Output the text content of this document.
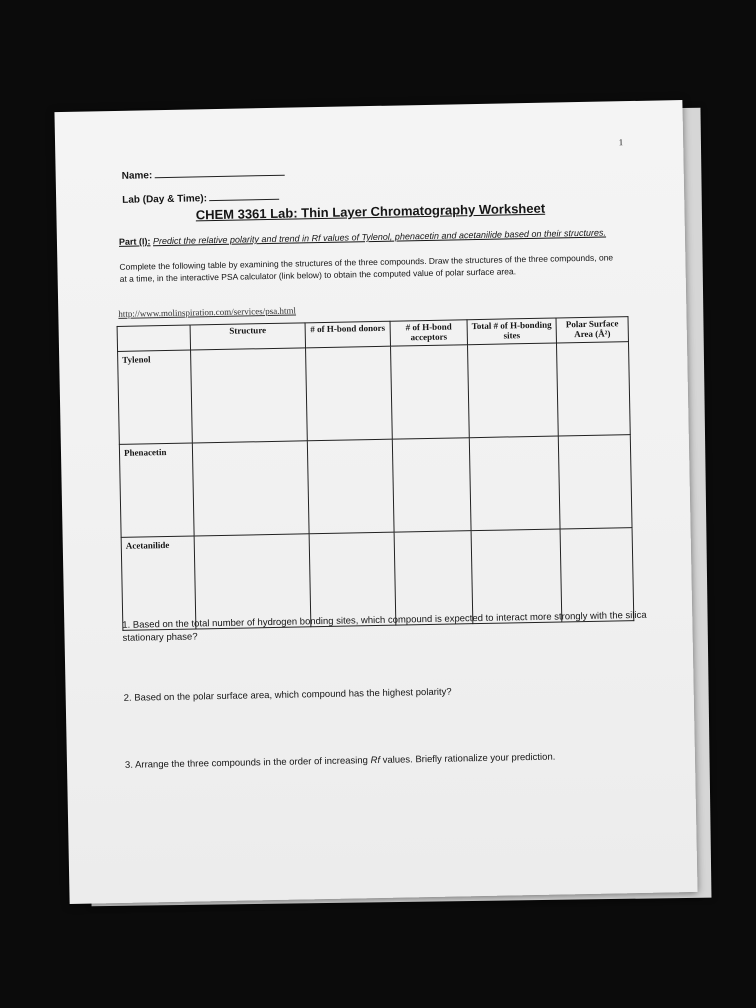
1
Name:
Lab (Day & Time):
CHEM 3361 Lab: Thin Layer Chromatography Worksheet
Part (I): Predict the relative polarity and trend in Rf values of Tylenol, phenacetin and acetanilide based on their structures.
Complete the following table by examining the structures of the three compounds. Draw the structures of the three compounds, one at a time, in the interactive PSA calculator (link below) to obtain the computed value of polar surface area.
http://www.molinspiration.com/services/psa.html
	Structure	# of H-bond donors	# of H-bond acceptors	Total # of H-bonding sites	Polar Surface Area (Å²)
Tylenol					
Phenacetin					
Acetanilide					
1. Based on the total number of hydrogen bonding sites, which compound is expected to interact more strongly with the silica stationary phase?
2. Based on the polar surface area, which compound has the highest polarity?
3. Arrange the three compounds in the order of increasing Rf values. Briefly rationalize your prediction.
